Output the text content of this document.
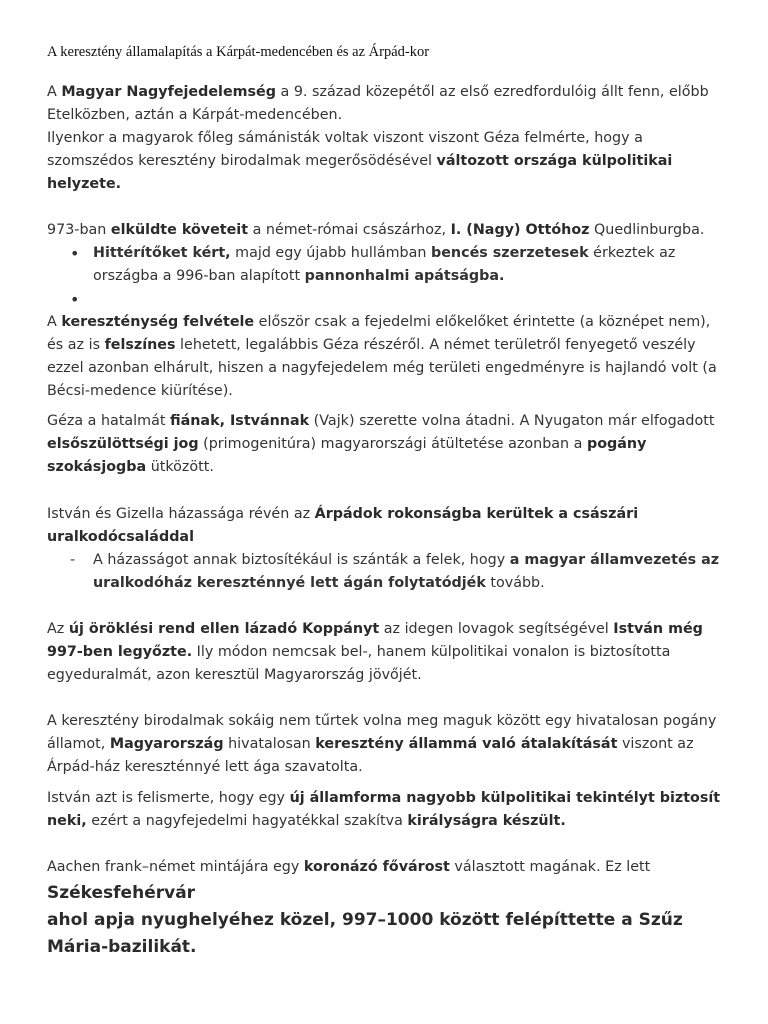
A keresztény államalapítás a Kárpát-medencében és az Árpád-kor
A Magyar Nagyfejedelemség a 9. század közepétől az első ezredfordulóig állt fenn, előbb Etelközben, aztán a Kárpát-medencében.
Ilyenkor a magyarok főleg sámánisták voltak viszont viszont Géza felmérte, hogy a szomszédos keresztény birodalmak megerősödésével változott országa külpolitikai helyzete.
973-ban elküldte követeit a német-római császárhoz, I. (Nagy) Ottóhoz Quedlinburgba.
• Hittérítőket kért, majd egy újabb hullámban bencés szerzetesek érkeztek az országba a 996-ban alapított pannonhalmi apátságba.
•
A kereszténység felvétele először csak a fejedelmi előkelőket érintette (a köznépet nem), és az is felszínes lehetett, legalábbis Géza részéről. A német területről fenyegető veszély ezzel azonban elhárult, hiszen a nagyfejedelem még területi engedményre is hajlandó volt (a Bécsi-medence kiürítése).
Géza a hatalmát fiának, Istvánnak (Vajk) szerette volna átadni. A Nyugaton már elfogadott elsőszülöttségi jog (primogenitúra) magyarországi átültetése azonban a pogány szokásjogba ütközött.
István és Gizella házassága révén az Árpádok rokonságba kerültek a császári uralkodócsaláddal
- A házasságot annak biztosítékául is szánták a felek, hogy a magyar államvezetés az uralkodóház kereszténnyé lett ágán folytatódjék tovább.
Az új öröklési rend ellen lázadó Koppányt az idegen lovagok segítségével István még 997-ben legyőzte. Ily módon nemcsak bel-, hanem külpolitikai vonalon is biztosította egyeduralmát, azon keresztül Magyarország jövőjét.
A keresztény birodalmak sokáig nem tűrtek volna meg maguk között egy hivatalosan pogány államot, Magyarország hivatalosan keresztény állammá való átalakítását viszont az Árpád-ház kereszténnyé lett ága szavatolta.
István azt is felismerte, hogy egy új államforma nagyobb külpolitikai tekintélyt biztosít neki, ezért a nagyfejedelmi hagyatékkal szakítva királyságra készült.
Aachen frank–német mintájára egy koronázó fővárost választott magának. Ez lett
Székesfehérvár
ahol apja nyughelyéhez közel, 997–1000 között felépíttette a Szűz Mária-bazilikát.
